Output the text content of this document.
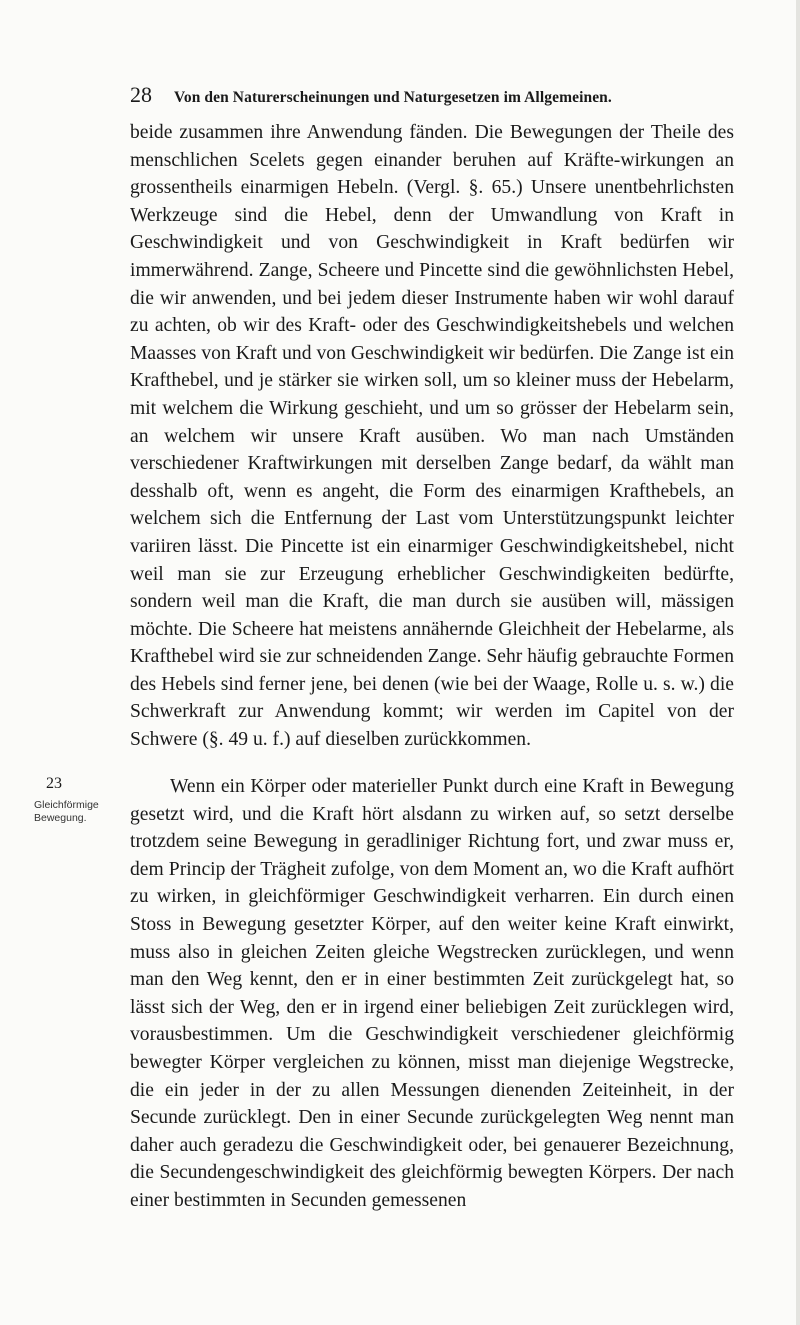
28 Von den Naturerscheinungen und Naturgesetzen im Allgemeinen.
beide zusammen ihre Anwendung fänden. Die Bewegungen der Theile des menschlichen Scelets gegen einander beruhen auf Kräfte-wirkungen an grossentheils einarmigen Hebeln. (Vergl. §. 65.) Unsere unentbehrlichsten Werkzeuge sind die Hebel, denn der Umwandlung von Kraft in Geschwindigkeit und von Geschwindigkeit in Kraft bedürfen wir immerwährend. Zange, Scheere und Pincette sind die gewöhnlichsten Hebel, die wir anwenden, und bei jedem dieser Instrumente haben wir wohl darauf zu achten, ob wir des Kraft- oder des Geschwindigkeitshebels und welchen Maasses von Kraft und von Geschwindigkeit wir bedürfen. Die Zange ist ein Krafthebel, und je stärker sie wirken soll, um so kleiner muss der Hebelarm, mit welchem die Wirkung geschieht, und um so grösser der Hebelarm sein, an welchem wir unsere Kraft ausüben. Wo man nach Umständen verschiedener Kraftwirkungen mit derselben Zange bedarf, da wählt man desshalb oft, wenn es angeht, die Form des einarmigen Krafthebels, an welchem sich die Entfernung der Last vom Unterstützungspunkt leichter variiren lässt. Die Pincette ist ein einarmiger Geschwindigkeitshebel, nicht weil man sie zur Erzeugung erheblicher Geschwindigkeiten bedürfte, sondern weil man die Kraft, die man durch sie ausüben will, mässigen möchte. Die Scheere hat meistens annähernde Gleichheit der Hebelarme, als Krafthebel wird sie zur schneidenden Zange. Sehr häufig gebrauchte Formen des Hebels sind ferner jene, bei denen (wie bei der Waage, Rolle u. s. w.) die Schwerkraft zur Anwendung kommt; wir werden im Capitel von der Schwere (§. 49 u. f.) auf dieselben zurückkommen.
23
Gleichförmige
Bewegung.
Wenn ein Körper oder materieller Punkt durch eine Kraft in Bewegung gesetzt wird, und die Kraft hört alsdann zu wirken auf, so setzt derselbe trotzdem seine Bewegung in geradliniger Richtung fort, und zwar muss er, dem Princip der Trägheit zufolge, von dem Moment an, wo die Kraft aufhört zu wirken, in gleichförmiger Geschwindigkeit verharren. Ein durch einen Stoss in Bewegung gesetzter Körper, auf den weiter keine Kraft einwirkt, muss also in gleichen Zeiten gleiche Wegstrecken zurücklegen, und wenn man den Weg kennt, den er in einer bestimmten Zeit zurückgelegt hat, so lässt sich der Weg, den er in irgend einer beliebigen Zeit zurücklegen wird, vorausbestimmen. Um die Geschwindigkeit verschiedener gleichförmig bewegter Körper vergleichen zu können, misst man diejenige Wegstrecke, die ein jeder in der zu allen Messungen dienenden Zeiteinheit, in der Secunde zurücklegt. Den in einer Secunde zurückgelegten Weg nennt man daher auch geradezu die Geschwindigkeit oder, bei genauerer Bezeichnung, die Secundengeschwindigkeit des gleichförmig bewegten Körpers. Der nach einer bestimmten in Secunden gemessenen
